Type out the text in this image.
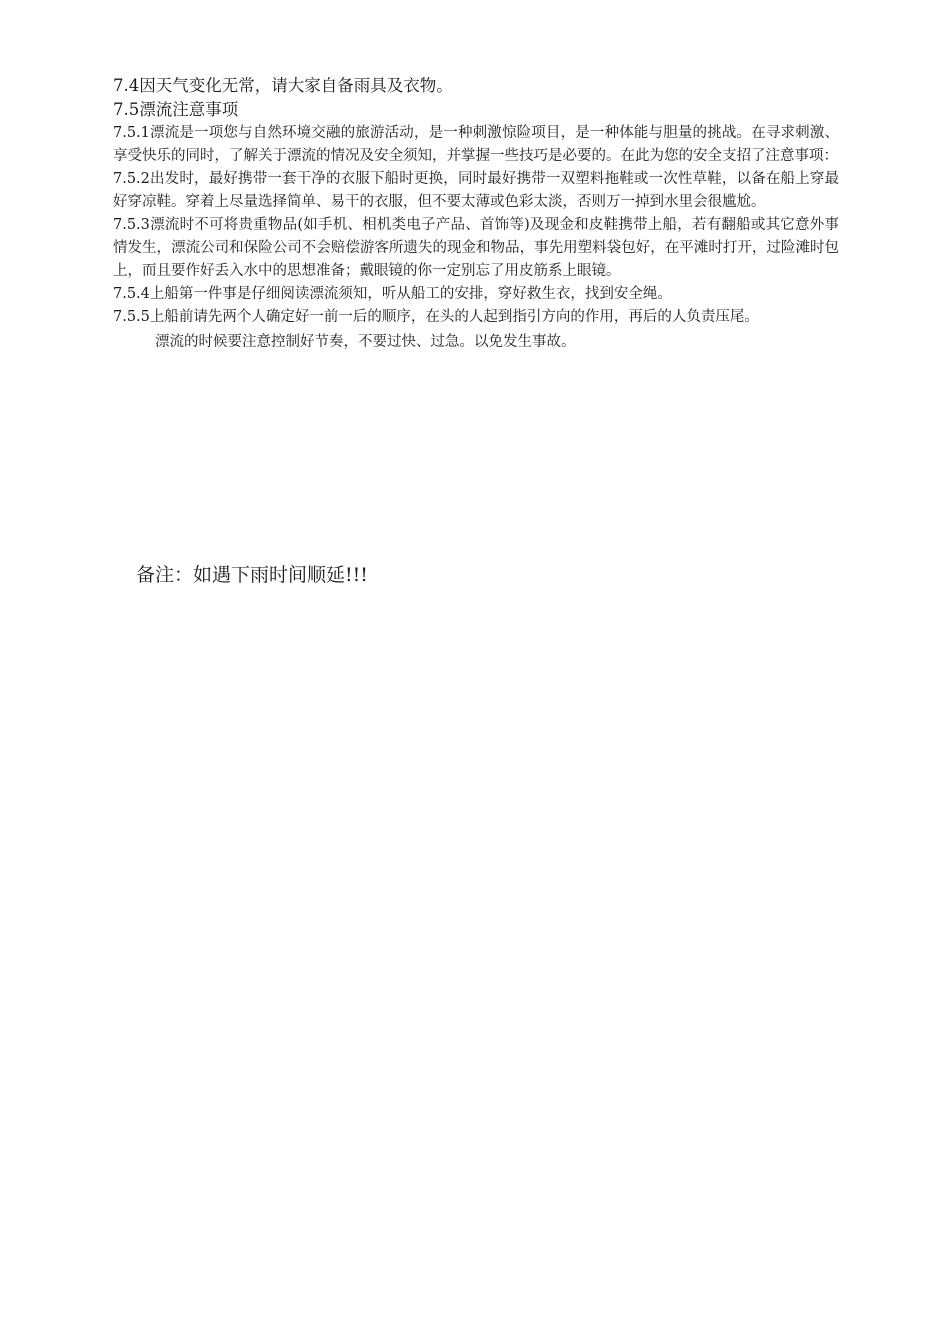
7.4因天气变化无常，请大家自备雨具及衣物。

7.5漂流注意事项

7.5.1漂流是一项您与自然环境交融的旅游活动，是一种刺激惊险项目，是一种体能与胆量的挑战。在寻求刺激、享受快乐的同时，了解关于漂流的情况及安全须知，并掌握一些技巧是必要的。在此为您的安全支招了注意事项：

7.5.2出发时，最好携带一套干净的衣服下船时更换，同时最好携带一双塑料拖鞋或一次性草鞋，以备在船上穿最好穿凉鞋。穿着上尽量选择简单、易干的衣服，但不要太薄或色彩太淡，否则万一掉到水里会很尴尬。

7.5.3漂流时不可将贵重物品(如手机、相机类电子产品、首饰等)及现金和皮鞋携带上船，若有翻船或其它意外事情发生，漂流公司和保险公司不会赔偿游客所遗失的现金和物品，事先用塑料袋包好，在平滩时打开，过险滩时包上，而且要作好丢入水中的思想准备；戴眼镜的你一定别忘了用皮筋系上眼镜。

7.5.4上船第一件事是仔细阅读漂流须知，听从船工的安排，穿好救生衣，找到安全绳。

7.5.5上船前请先两个人确定好一前一后的顺序，在头的人起到指引方向的作用，再后的人负责压尾。

漂流的时候要注意控制好节奏，不要过快、过急。以免发生事故。

备注：如遇下雨时间顺延!!!
